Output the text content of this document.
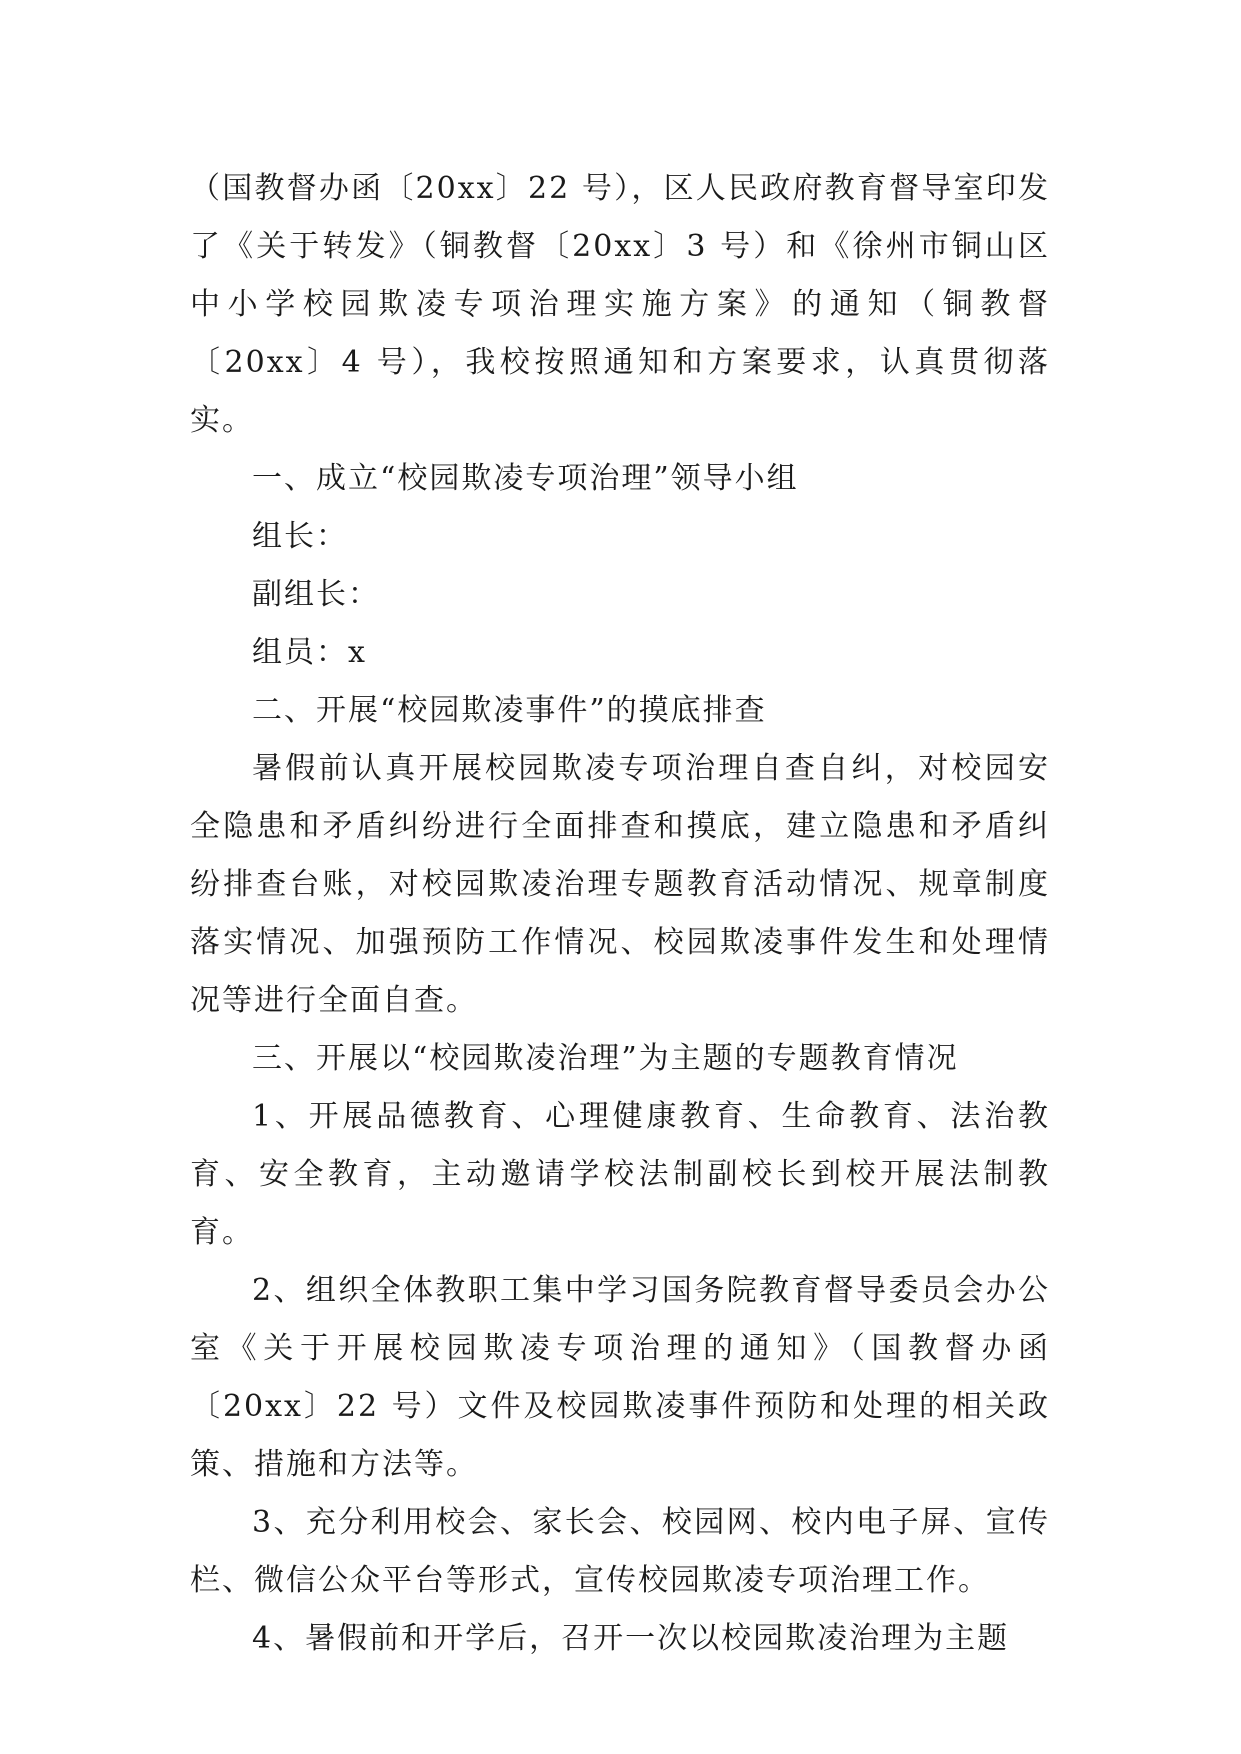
（国教督办函〔20xx〕22 号），区人民政府教育督导室印发了《关于转发》（铜教督〔20xx〕3 号）和《徐州市铜山区中小学校园欺凌专项治理实施方案》的通知（铜教督〔20xx〕4 号），我校按照通知和方案要求，认真贯彻落实。

一、成立“校园欺凌专项治理”领导小组

组长：

副组长：

组员：x

二、开展“校园欺凌事件”的摸底排查

暑假前认真开展校园欺凌专项治理自查自纠，对校园安全隐患和矛盾纠纷进行全面排查和摸底，建立隐患和矛盾纠纷排查台账，对校园欺凌治理专题教育活动情况、规章制度落实情况、加强预防工作情况、校园欺凌事件发生和处理情况等进行全面自查。

三、开展以“校园欺凌治理”为主题的专题教育情况

1、开展品德教育、心理健康教育、生命教育、法治教育、安全教育，主动邀请学校法制副校长到校开展法制教育。

2、组织全体教职工集中学习国务院教育督导委员会办公室《关于开展校园欺凌专项治理的通知》（国教督办函〔20xx〕22 号）文件及校园欺凌事件预防和处理的相关政策、措施和方法等。

3、充分利用校会、家长会、校园网、校内电子屏、宣传栏、微信公众平台等形式，宣传校园欺凌专项治理工作。

4、暑假前和开学后，召开一次以校园欺凌治理为主题
